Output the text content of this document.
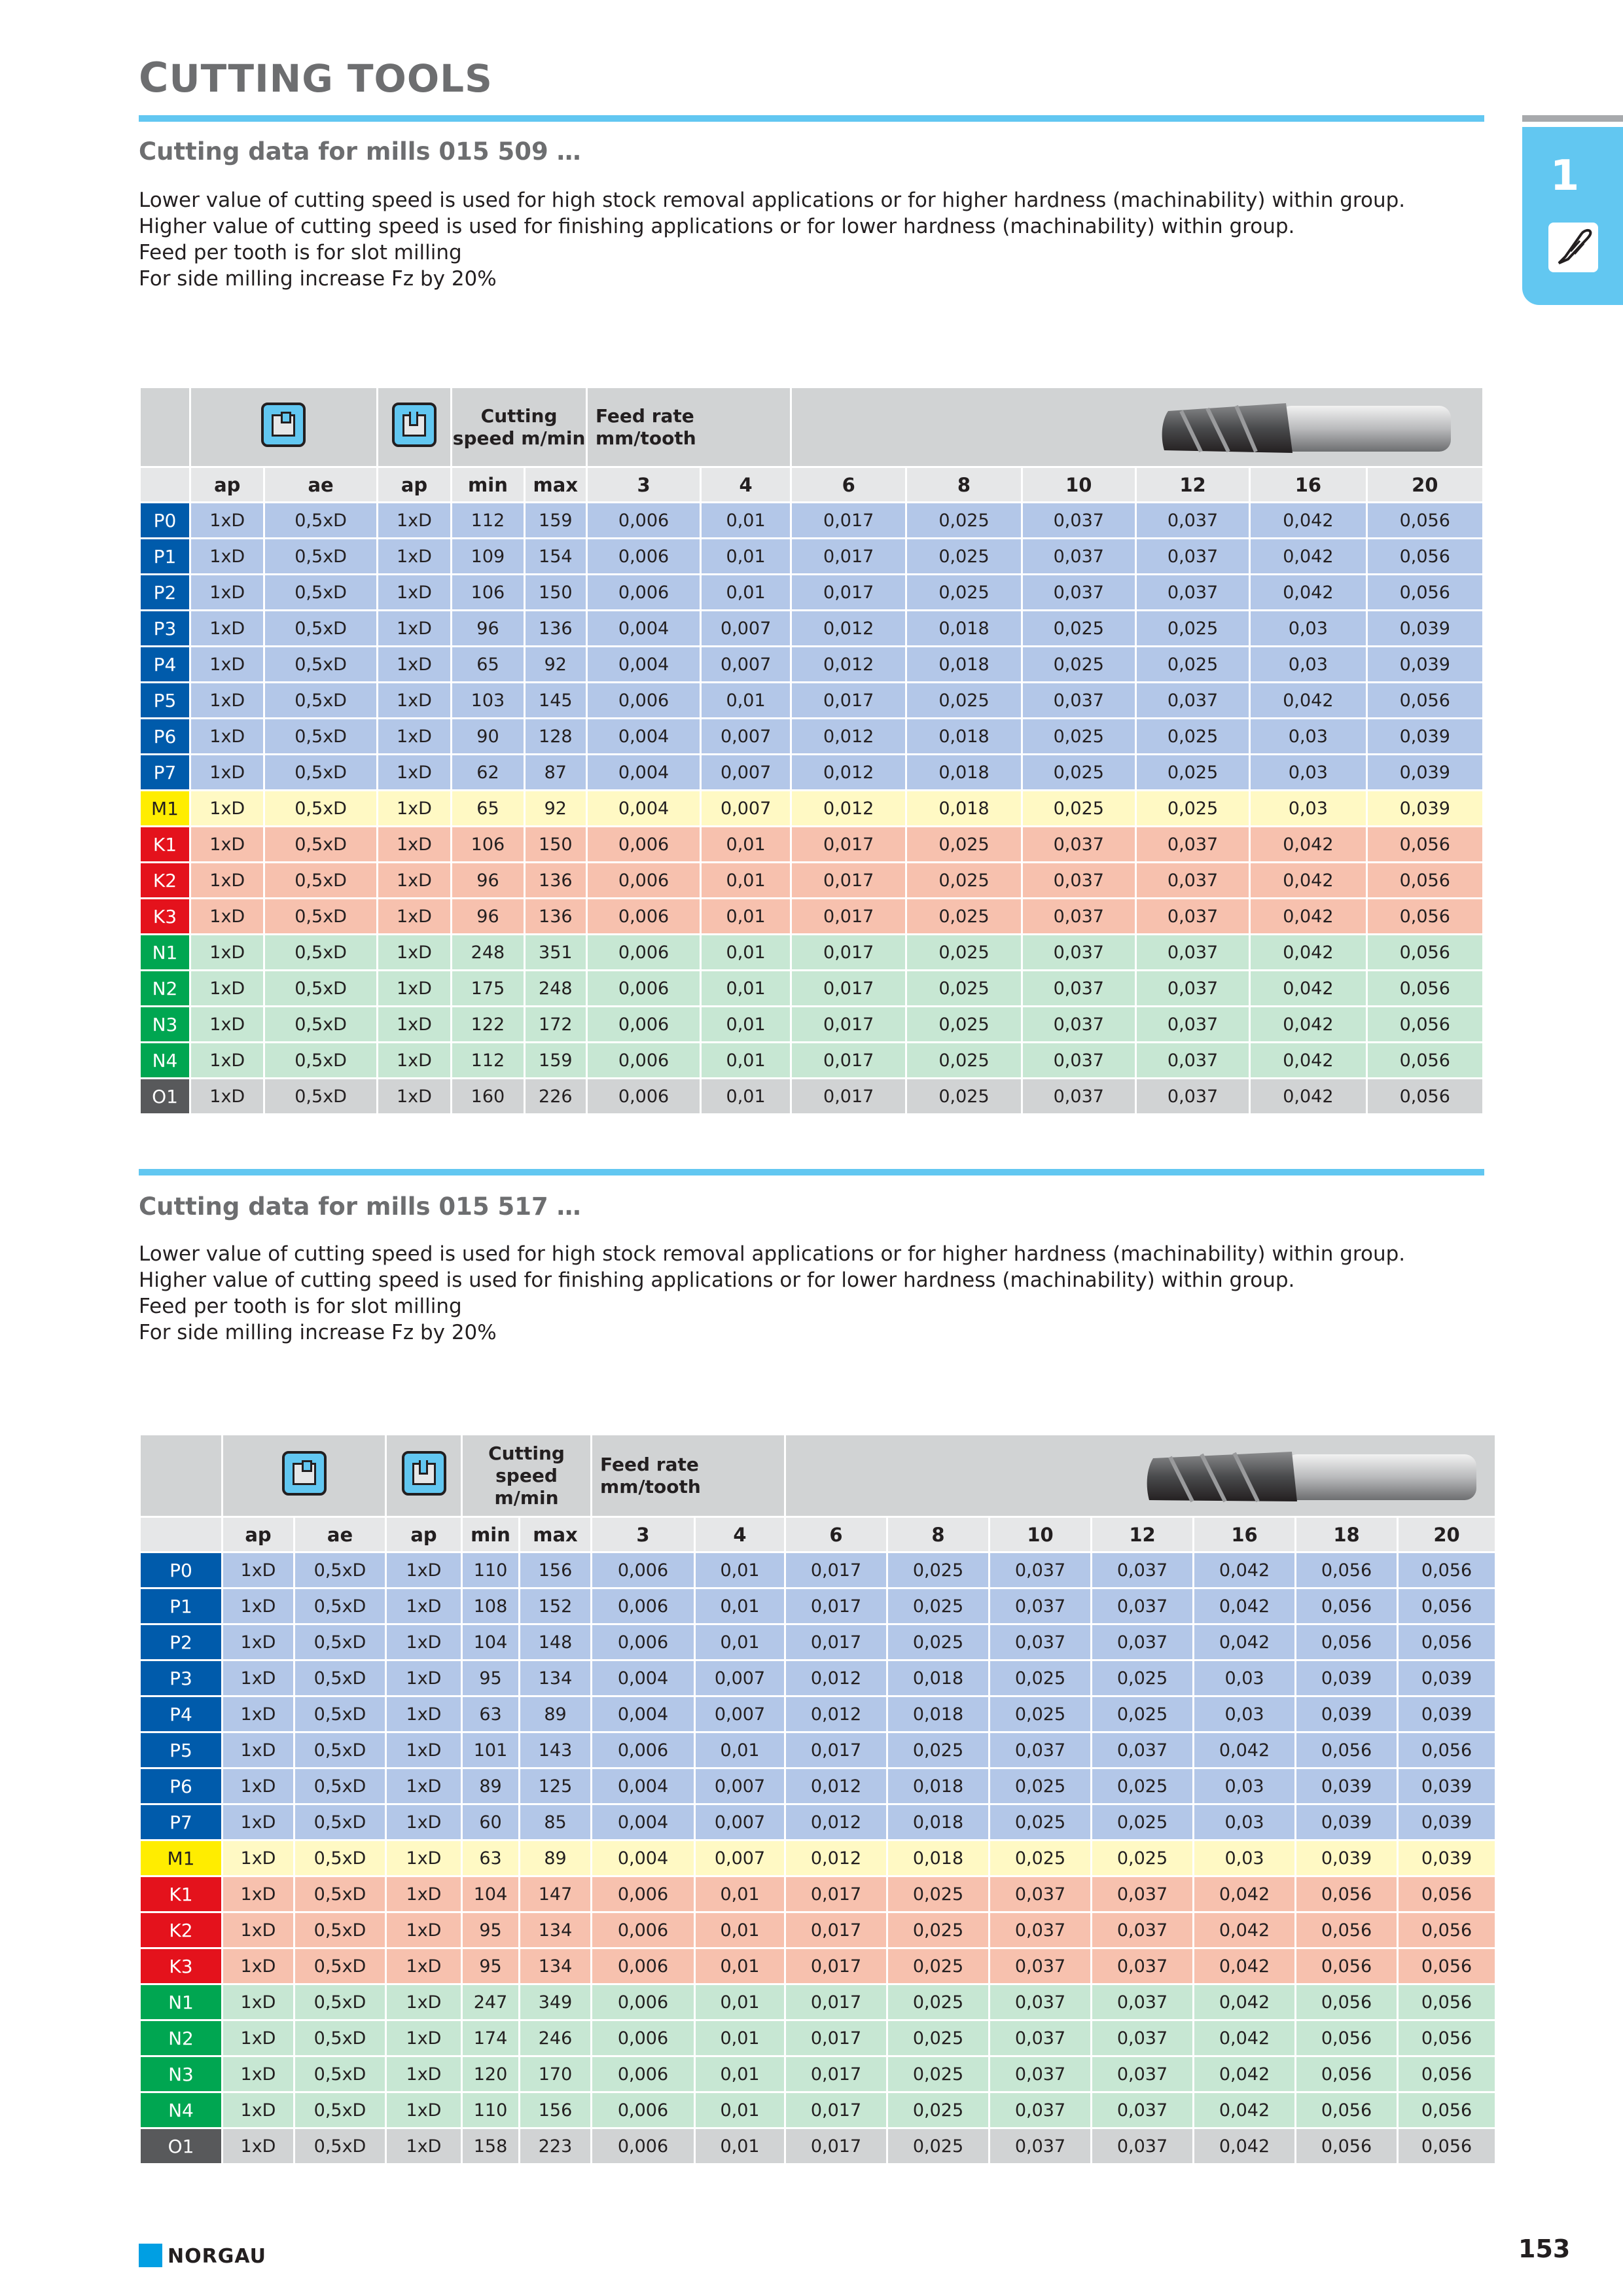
CUTTING TOOLS
1
Cutting data for mills 015 509 …
Lower value of cutting speed is used for high stock removal applications or for higher hardness (machinability) within group.
Higher value of cutting speed is used for finishing applications or for lower hardness (machinability) within group.
Feed per tooth is for slot milling
For side milling increase Fz by 20%

				Cutting speed m/min		Feed rate mm/tooth

	ap	ae	ap	min	max	3	4	6	8	10	12	16	20
P0	1xD	0,5xD	1xD	112	159	0,006	0,01	0,017	0,025	0,037	0,037	0,042	0,056
P1	1xD	0,5xD	1xD	109	154	0,006	0,01	0,017	0,025	0,037	0,037	0,042	0,056
P2	1xD	0,5xD	1xD	106	150	0,006	0,01	0,017	0,025	0,037	0,037	0,042	0,056
P3	1xD	0,5xD	1xD	96	136	0,004	0,007	0,012	0,018	0,025	0,025	0,03	0,039
P4	1xD	0,5xD	1xD	65	92	0,004	0,007	0,012	0,018	0,025	0,025	0,03	0,039
P5	1xD	0,5xD	1xD	103	145	0,006	0,01	0,017	0,025	0,037	0,037	0,042	0,056
P6	1xD	0,5xD	1xD	90	128	0,004	0,007	0,012	0,018	0,025	0,025	0,03	0,039
P7	1xD	0,5xD	1xD	62	87	0,004	0,007	0,012	0,018	0,025	0,025	0,03	0,039
M1	1xD	0,5xD	1xD	65	92	0,004	0,007	0,012	0,018	0,025	0,025	0,03	0,039
K1	1xD	0,5xD	1xD	106	150	0,006	0,01	0,017	0,025	0,037	0,037	0,042	0,056
K2	1xD	0,5xD	1xD	96	136	0,006	0,01	0,017	0,025	0,037	0,037	0,042	0,056
K3	1xD	0,5xD	1xD	96	136	0,006	0,01	0,017	0,025	0,037	0,037	0,042	0,056
N1	1xD	0,5xD	1xD	248	351	0,006	0,01	0,017	0,025	0,037	0,037	0,042	0,056
N2	1xD	0,5xD	1xD	175	248	0,006	0,01	0,017	0,025	0,037	0,037	0,042	0,056
N3	1xD	0,5xD	1xD	122	172	0,006	0,01	0,017	0,025	0,037	0,037	0,042	0,056
N4	1xD	0,5xD	1xD	112	159	0,006	0,01	0,017	0,025	0,037	0,037	0,042	0,056
O1	1xD	0,5xD	1xD	160	226	0,006	0,01	0,017	0,025	0,037	0,037	0,042	0,056
Cutting data for mills 015 517 …
Lower value of cutting speed is used for high stock removal applications or for higher hardness (machinability) within group.
Higher value of cutting speed is used for finishing applications or for lower hardness (machinability) within group.
Feed per tooth is for slot milling
For side milling increase Fz by 20%

				Cutting speed m/min		Feed rate mm/tooth

	ap	ae	ap	min	max	3	4	6	8	10	12	16	18	20
P0	1xD	0,5xD	1xD	110	156	0,006	0,01	0,017	0,025	0,037	0,037	0,042	0,056	0,056
P1	1xD	0,5xD	1xD	108	152	0,006	0,01	0,017	0,025	0,037	0,037	0,042	0,056	0,056
P2	1xD	0,5xD	1xD	104	148	0,006	0,01	0,017	0,025	0,037	0,037	0,042	0,056	0,056
P3	1xD	0,5xD	1xD	95	134	0,004	0,007	0,012	0,018	0,025	0,025	0,03	0,039	0,039
P4	1xD	0,5xD	1xD	63	89	0,004	0,007	0,012	0,018	0,025	0,025	0,03	0,039	0,039
P5	1xD	0,5xD	1xD	101	143	0,006	0,01	0,017	0,025	0,037	0,037	0,042	0,056	0,056
P6	1xD	0,5xD	1xD	89	125	0,004	0,007	0,012	0,018	0,025	0,025	0,03	0,039	0,039
P7	1xD	0,5xD	1xD	60	85	0,004	0,007	0,012	0,018	0,025	0,025	0,03	0,039	0,039
M1	1xD	0,5xD	1xD	63	89	0,004	0,007	0,012	0,018	0,025	0,025	0,03	0,039	0,039
K1	1xD	0,5xD	1xD	104	147	0,006	0,01	0,017	0,025	0,037	0,037	0,042	0,056	0,056
K2	1xD	0,5xD	1xD	95	134	0,006	0,01	0,017	0,025	0,037	0,037	0,042	0,056	0,056
K3	1xD	0,5xD	1xD	95	134	0,006	0,01	0,017	0,025	0,037	0,037	0,042	0,056	0,056
N1	1xD	0,5xD	1xD	247	349	0,006	0,01	0,017	0,025	0,037	0,037	0,042	0,056	0,056
N2	1xD	0,5xD	1xD	174	246	0,006	0,01	0,017	0,025	0,037	0,037	0,042	0,056	0,056
N3	1xD	0,5xD	1xD	120	170	0,006	0,01	0,017	0,025	0,037	0,037	0,042	0,056	0,056
N4	1xD	0,5xD	1xD	110	156	0,006	0,01	0,017	0,025	0,037	0,037	0,042	0,056	0,056
O1	1xD	0,5xD	1xD	158	223	0,006	0,01	0,017	0,025	0,037	0,037	0,042	0,056	0,056
NORGAU	153
